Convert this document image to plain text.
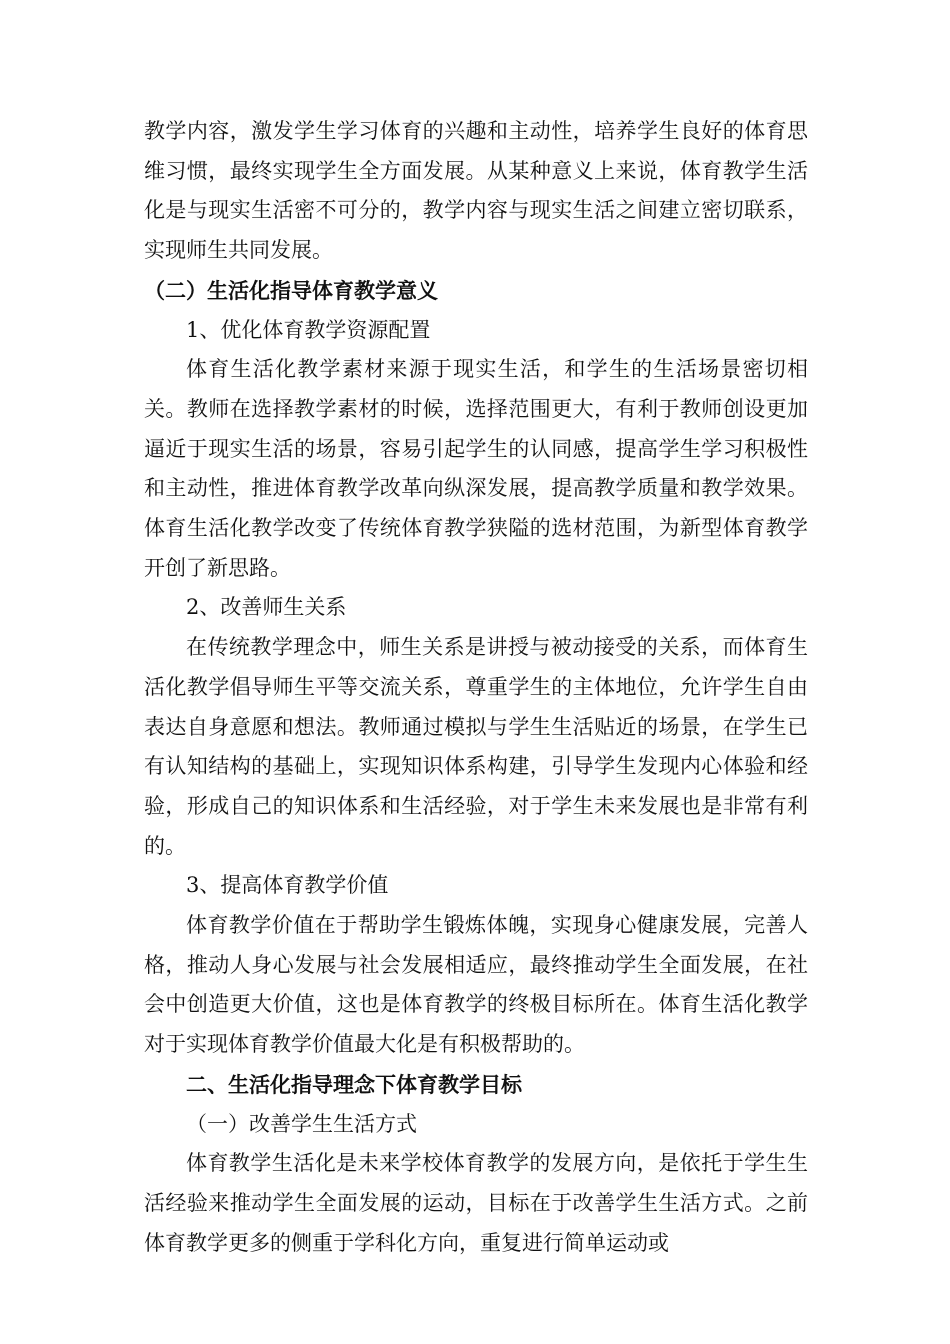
教学内容，激发学生学习体育的兴趣和主动性，培养学生良好的体育思维习惯，最终实现学生全方面发展。从某种意义上来说，体育教学生活化是与现实生活密不可分的，教学内容与现实生活之间建立密切联系，实现师生共同发展。

（二）生活化指导体育教学意义

1、优化体育教学资源配置

体育生活化教学素材来源于现实生活，和学生的生活场景密切相关。教师在选择教学素材的时候，选择范围更大，有利于教师创设更加逼近于现实生活的场景，容易引起学生的认同感，提高学生学习积极性和主动性，推进体育教学改革向纵深发展，提高教学质量和教学效果。体育生活化教学改变了传统体育教学狭隘的选材范围，为新型体育教学开创了新思路。

2、改善师生关系

在传统教学理念中，师生关系是讲授与被动接受的关系，而体育生活化教学倡导师生平等交流关系，尊重学生的主体地位，允许学生自由表达自身意愿和想法。教师通过模拟与学生生活贴近的场景，在学生已有认知结构的基础上，实现知识体系构建，引导学生发现内心体验和经验，形成自己的知识体系和生活经验，对于学生未来发展也是非常有利的。

3、提高体育教学价值

体育教学价值在于帮助学生锻炼体魄，实现身心健康发展，完善人格，推动人身心发展与社会发展相适应，最终推动学生全面发展，在社会中创造更大价值，这也是体育教学的终极目标所在。体育生活化教学对于实现体育教学价值最大化是有积极帮助的。

二、生活化指导理念下体育教学目标

（一）改善学生生活方式

体育教学生活化是未来学校体育教学的发展方向，是依托于学生生活经验来推动学生全面发展的运动，目标在于改善学生生活方式。之前体育教学更多的侧重于学科化方向，重复进行简单运动或
